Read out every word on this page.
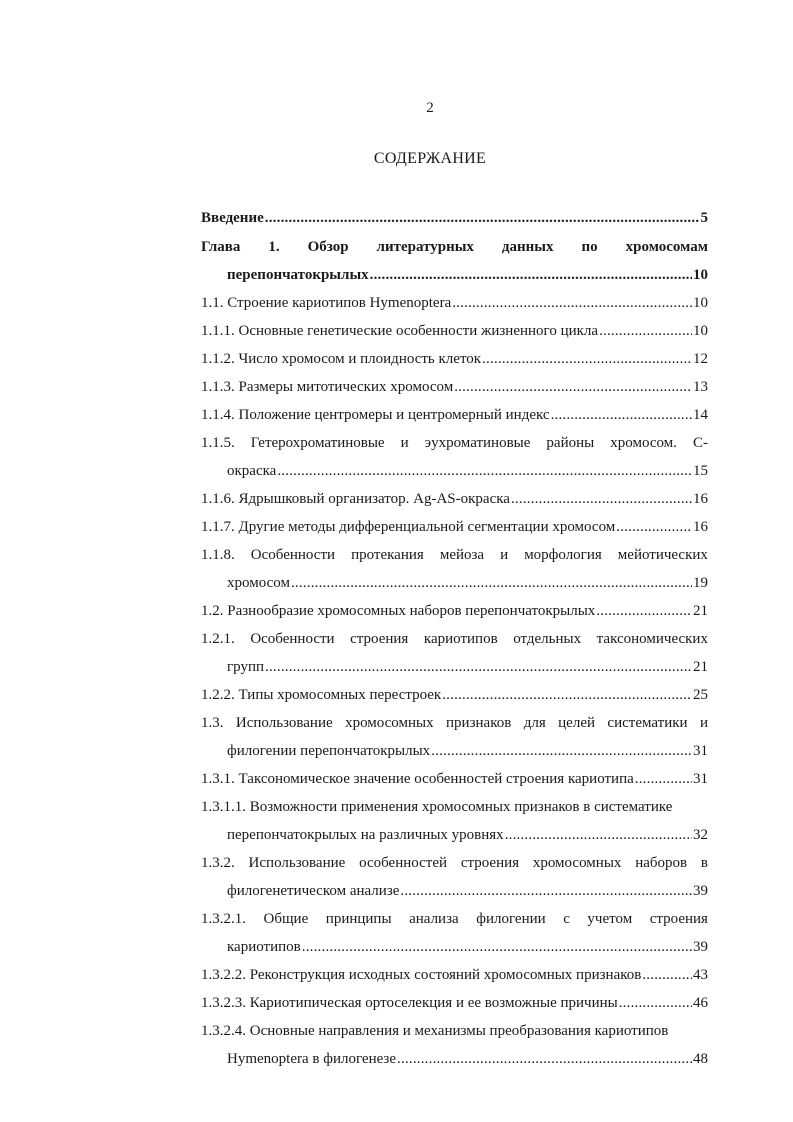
2
СОДЕРЖАНИЕ
Введение .....	5
Глава 1. Обзор литературных данных по хромосомам
перепончатокрылых .....	10
1.1. Строение кариотипов Hymenoptera .....	10
1.1.1. Основные генетические особенности жизненного цикла .....	10
1.1.2. Число хромосом и плоидность клеток .....	12
1.1.3. Размеры митотических хромосом .....	13
1.1.4. Положение центромеры и центромерный индекс .....	14
1.1.5. Гетерохроматиновые и эухроматиновые районы хромосом. С-
окраска .....	15
1.1.6. Ядрышковый организатор. Ag-AS-окраска .....	16
1.1.7. Другие методы дифференциальной сегментации хромосом .....	16
1.1.8. Особенности протекания мейоза и морфология мейотических
хромосом .....	19
1.2. Разнообразие хромосомных наборов перепончатокрылых .....	21
1.2.1. Особенности строения кариотипов отдельных таксономических
групп .....	21
1.2.2. Типы хромосомных перестроек .....	25
1.3. Использование хромосомных признаков для целей систематики и
филогении перепончатокрылых .....	31
1.3.1. Таксономическое значение особенностей строения кариотипа .....	31
1.3.1.1. Возможности применения хромосомных признаков в систематике
перепончатокрылых на различных уровнях .....	32
1.3.2. Использование особенностей строения хромосомных наборов в
филогенетическом анализе .....	39
1.3.2.1. Общие принципы анализа филогении с учетом строения
кариотипов .....	39
1.3.2.2. Реконструкция исходных состояний хромосомных признаков .....	43
1.3.2.3. Кариотипическая ортоселекция и ее возможные причины .....	46
1.3.2.4. Основные направления и механизмы преобразования кариотипов
Hymenoptera в филогенезе .....	48
